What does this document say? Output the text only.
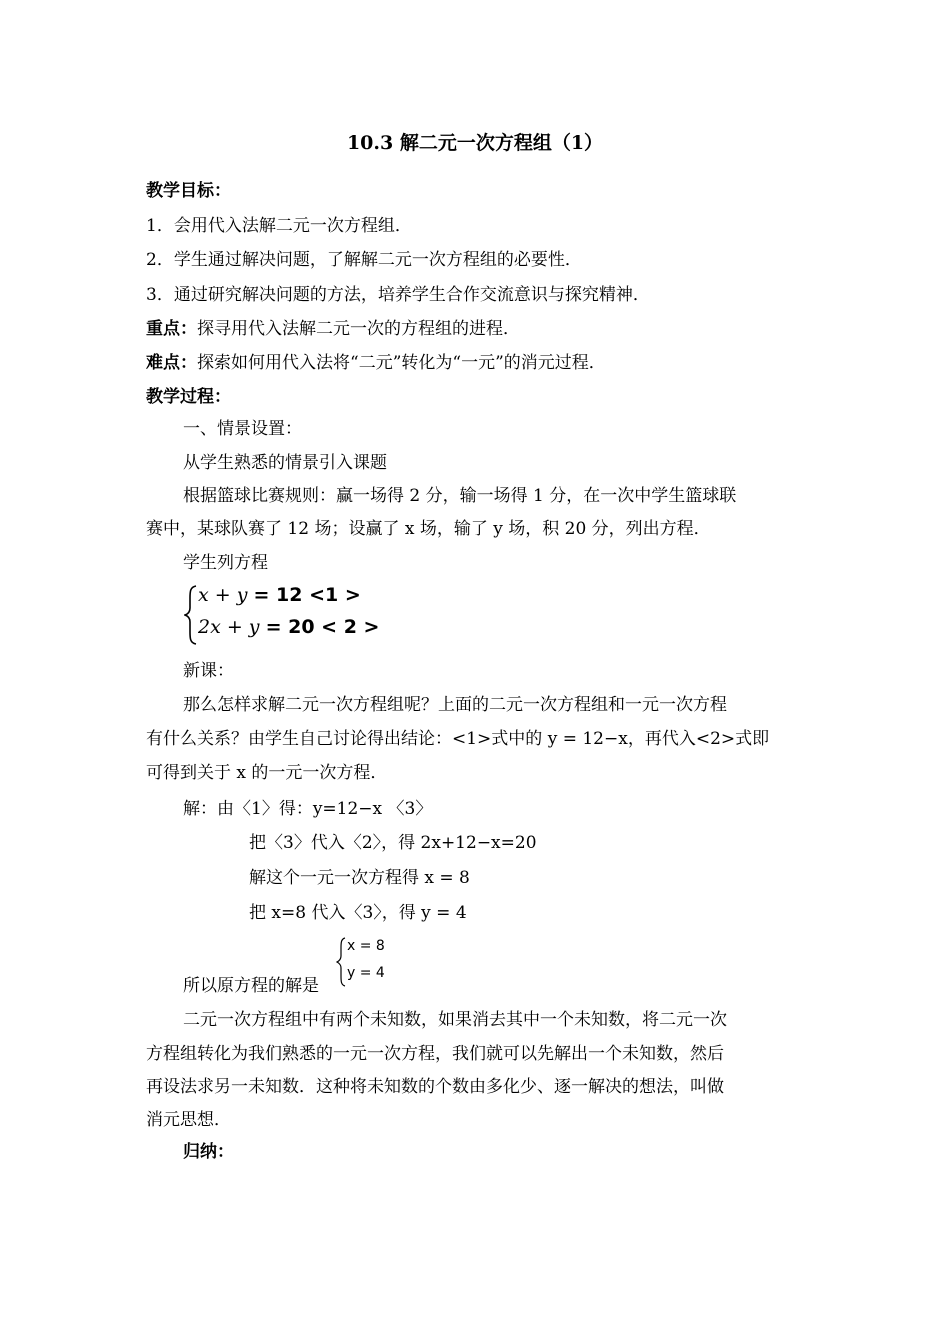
10.3 解二元一次方程组（1）
教学目标：
1．会用代入法解二元一次方程组．
2．学生通过解决问题，了解解二元一次方程组的必要性．
3．通过研究解决问题的方法，培养学生合作交流意识与探究精神．
重点：探寻用代入法解二元一次的方程组的进程．
难点：探索如何用代入法将“二元”转化为“一元”的消元过程．
教学过程：
一、情景设置：
从学生熟悉的情景引入课题
根据篮球比赛规则：赢一场得 2 分，输一场得 1 分，在一次中学生篮球联
赛中，某球队赛了 12 场；设赢了 x 场，输了 y 场，积 20 分，列出方程．
学生列方程
x + y = 12 <1 >
2x + y = 20 < 2 >
新课：
那么怎样求解二元一次方程组呢？上面的二元一次方程组和一元一次方程
有什么关系？由学生自己讨论得出结论：<1>式中的 y = 12−x，再代入<2>式即
可得到关于 x 的一元一次方程．
解：由〈1〉得：y=12−x 〈3〉
把〈3〉代入〈2〉，得 2x+12−x=20
解这个一元一次方程得 x = 8
把 x=8 代入〈3〉，得 y = 4
x = 8
y = 4
所以原方程的解是
二元一次方程组中有两个未知数，如果消去其中一个未知数，将二元一次
方程组转化为我们熟悉的一元一次方程，我们就可以先解出一个未知数，然后
再设法求另一未知数．这种将未知数的个数由多化少、逐一解决的想法，叫做
消元思想．
归纳：
